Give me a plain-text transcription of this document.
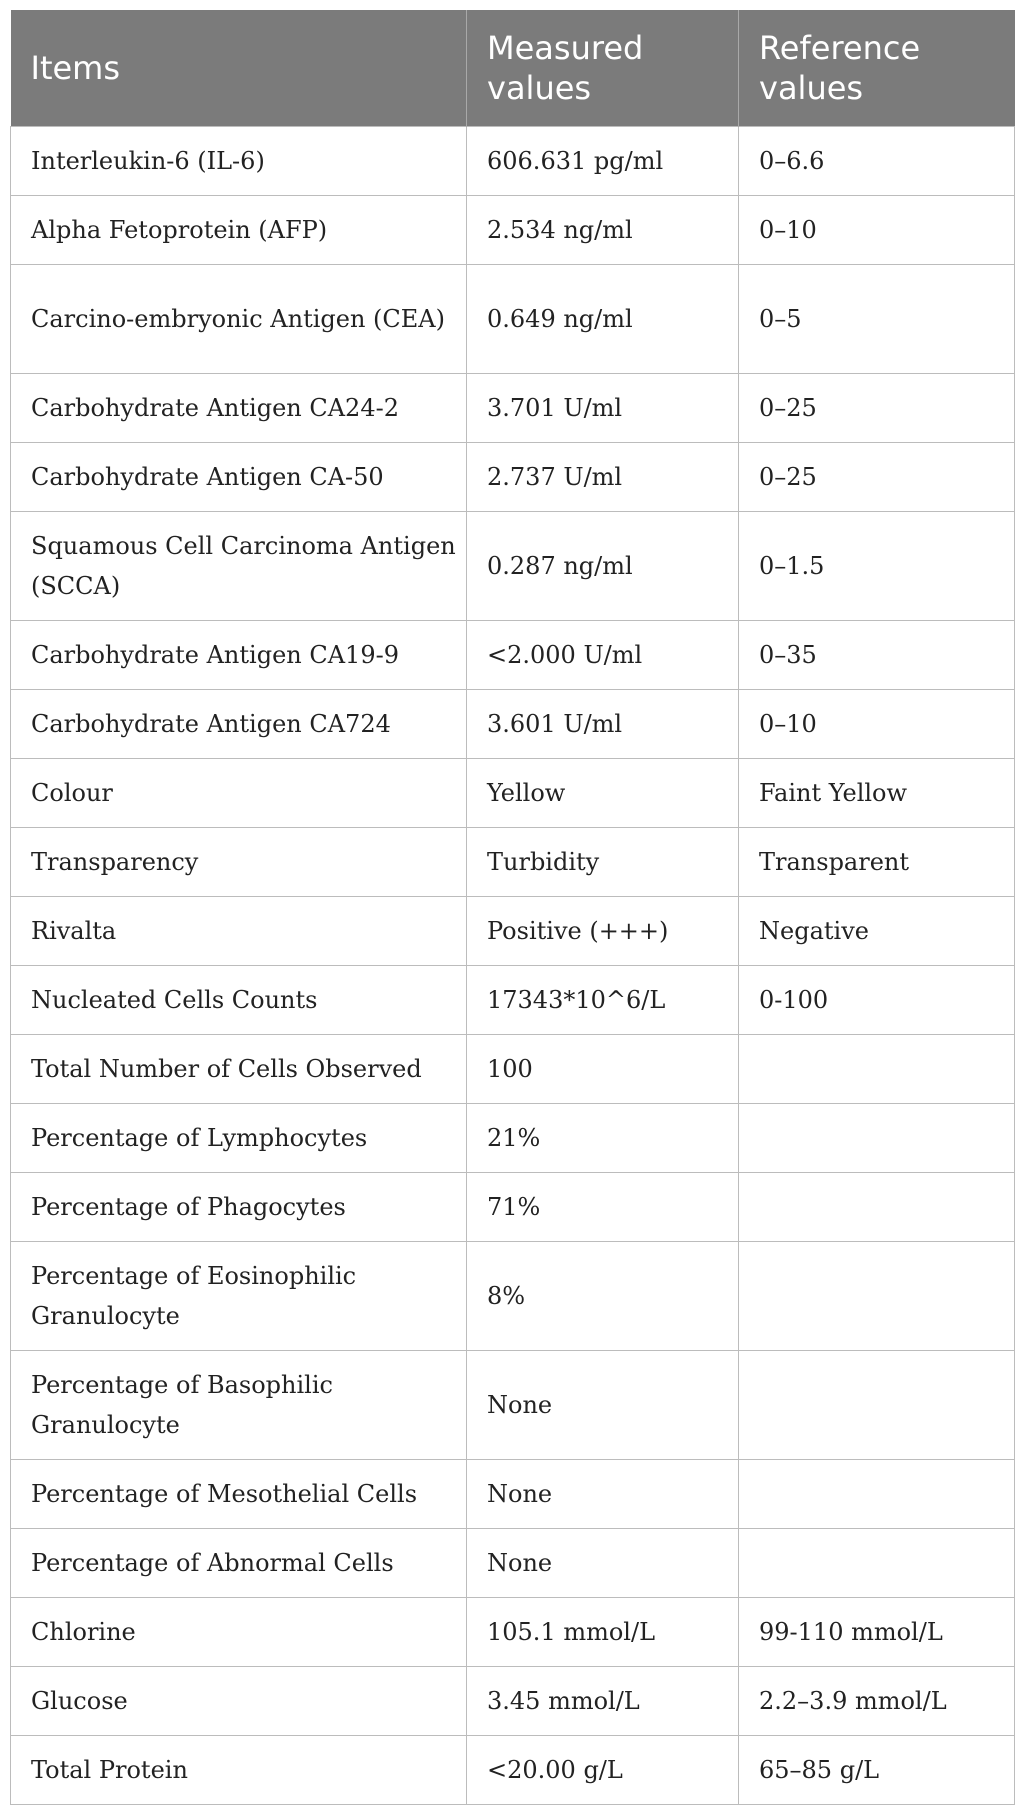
Items	Measured values	Reference values
Interleukin-6 (IL-6)	606.631 pg/ml	0–6.6
Alpha Fetoprotein (AFP)	2.534 ng/ml	0–10
Carcino-embryonic Antigen (CEA)	0.649 ng/ml	0–5
Carbohydrate Antigen CA24-2	3.701 U/ml	0–25
Carbohydrate Antigen CA-50	2.737 U/ml	0–25
Squamous Cell Carcinoma Antigen (SCCA)	0.287 ng/ml	0–1.5
Carbohydrate Antigen CA19-9	<2.000 U/ml	0–35
Carbohydrate Antigen CA724	3.601 U/ml	0–10
Colour	Yellow	Faint Yellow
Transparency	Turbidity	Transparent
Rivalta	Positive (+++)	Negative
Nucleated Cells Counts	17343*10^6/L	0-100
Total Number of Cells Observed	100	
Percentage of Lymphocytes	21%	
Percentage of Phagocytes	71%	
Percentage of Eosinophilic Granulocyte	8%	
Percentage of Basophilic Granulocyte	None	
Percentage of Mesothelial Cells	None	
Percentage of Abnormal Cells	None	
Chlorine	105.1 mmol/L	99-110 mmol/L
Glucose	3.45 mmol/L	2.2–3.9 mmol/L
Total Protein	<20.00 g/L	65–85 g/L
